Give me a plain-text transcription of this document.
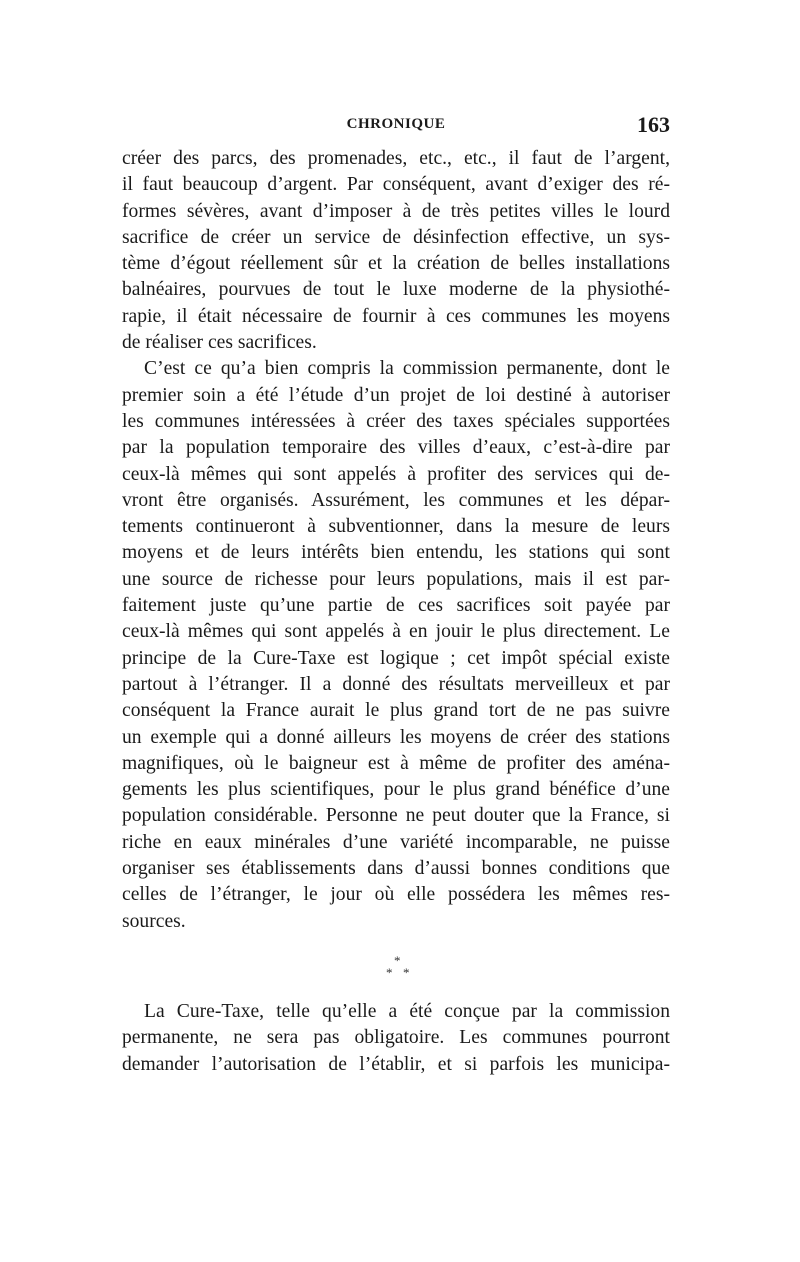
CHRONIQUE	163
créer des parcs, des promenades, etc., etc., il faut de l’argent,
il faut beaucoup d’argent. Par conséquent, avant d’exiger des ré-
formes sévères, avant d’imposer à de très petites villes le lourd
sacrifice de créer un service de désinfection effective, un sys-
tème d’égout réellement sûr et la création de belles installations
balnéaires, pourvues de tout le luxe moderne de la physiothé-
rapie, il était nécessaire de fournir à ces communes les moyens
de réaliser ces sacrifices.
C’est ce qu’a bien compris la commission permanente, dont le
premier soin a été l’étude d’un projet de loi destiné à autoriser
les communes intéressées à créer des taxes spéciales supportées
par la population temporaire des villes d’eaux, c’est-à-dire par
ceux-là mêmes qui sont appelés à profiter des services qui de-
vront être organisés. Assurément, les communes et les dépar-
tements continueront à subventionner, dans la mesure de leurs
moyens et de leurs intérêts bien entendu, les stations qui sont
une source de richesse pour leurs populations, mais il est par-
faitement juste qu’une partie de ces sacrifices soit payée par
ceux-là mêmes qui sont appelés à en jouir le plus directement. Le
principe de la Cure-Taxe est logique ; cet impôt spécial existe
partout à l’étranger. Il a donné des résultats merveilleux et par
conséquent la France aurait le plus grand tort de ne pas suivre
un exemple qui a donné ailleurs les moyens de créer des stations
magnifiques, où le baigneur est à même de profiter des aména-
gements les plus scientifiques, pour le plus grand bénéfice d’une
population considérable. Personne ne peut douter que la France, si
riche en eaux minérales d’une variété incomparable, ne puisse
organiser ses établissements dans d’aussi bonnes conditions que
celles de l’étranger, le jour où elle possédera les mêmes res-
sources.
*
* *
La Cure-Taxe, telle qu’elle a été conçue par la commission
permanente, ne sera pas obligatoire. Les communes pourront
demander l’autorisation de l’établir, et si parfois les municipa-
